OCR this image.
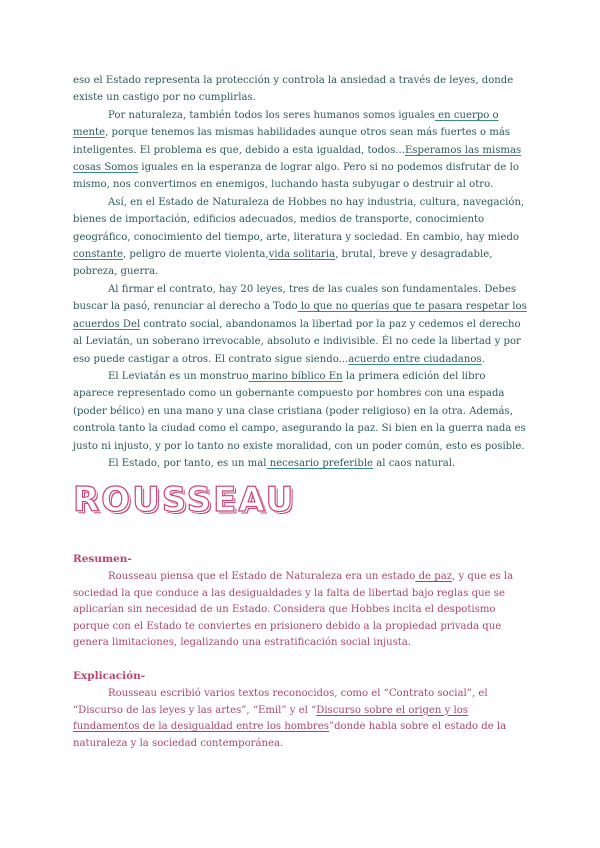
eso el Estado representa la protección y controla la ansiedad a través de leyes, donde existe un castigo por no cumplirlas.

Por naturaleza, también todos los seres humanos somos iguales en cuerpo o mente, porque tenemos las mismas habilidades aunque otros sean más fuertes o más inteligentes. El problema es que, debido a esta igualdad, todos...Esperamos las mismas cosas Somos iguales en la esperanza de lograr algo. Pero si no podemos disfrutar de lo mismo, nos convertimos en enemigos, luchando hasta subyugar o destruir al otro.

Así, en el Estado de Naturaleza de Hobbes no hay industria, cultura, navegación, bienes de importación, edificios adecuados, medios de transporte, conocimiento geográfico, conocimiento del tiempo, arte, literatura y sociedad. En cambio, hay miedo constante, peligro de muerte violenta,vida solitaria, brutal, breve y desagradable, pobreza, guerra.

Al firmar el contrato, hay 20 leyes, tres de las cuales son fundamentales. Debes buscar la pasó, renunciar al derecho a Todo lo que no querías que te pasara respetar los acuerdos Del contrato social, abandonamos la libertad por la paz y cedemos el derecho al Leviatán, un soberano irrevocable, absoluto e indivisible. Él no cede la libertad y por eso puede castigar a otros. El contrato sigue siendo...acuerdo entre ciudadanos.

El Leviatán es un monstruo marino bíblico En la primera edición del libro aparece representado como un gobernante compuesto por hombres con una espada (poder bélico) en una mano y una clase cristiana (poder religioso) en la otra. Además, controla tanto la ciudad como el campo, asegurando la paz. Si bien en la guerra nada es justo ni injusto, y por lo tanto no existe moralidad, con un poder común, esto es posible.

El Estado, por tanto, es un mal necesario preferible al caos natural.

ROUSSEAU
Resumen-

Rousseau piensa que el Estado de Naturaleza era un estado de paz, y que es la sociedad la que conduce a las desigualdades y la falta de libertad bajo reglas que se aplicarían sin necesidad de un Estado. Considera que Hobbes incita el despotismo porque con el Estado te conviertes en prisionero debido a la propiedad privada que genera limitaciones, legalizando una estratificación social injusta.

Explicación-

Rousseau escribió varios textos reconocidos, como el “Contrato social”, el “Discurso de las leyes y las artes”, “Emil” y el “Discurso sobre el origen y los fundamentos de la desigualdad entre los hombres”donde habla sobre el estado de la naturaleza y la sociedad contemporánea.
